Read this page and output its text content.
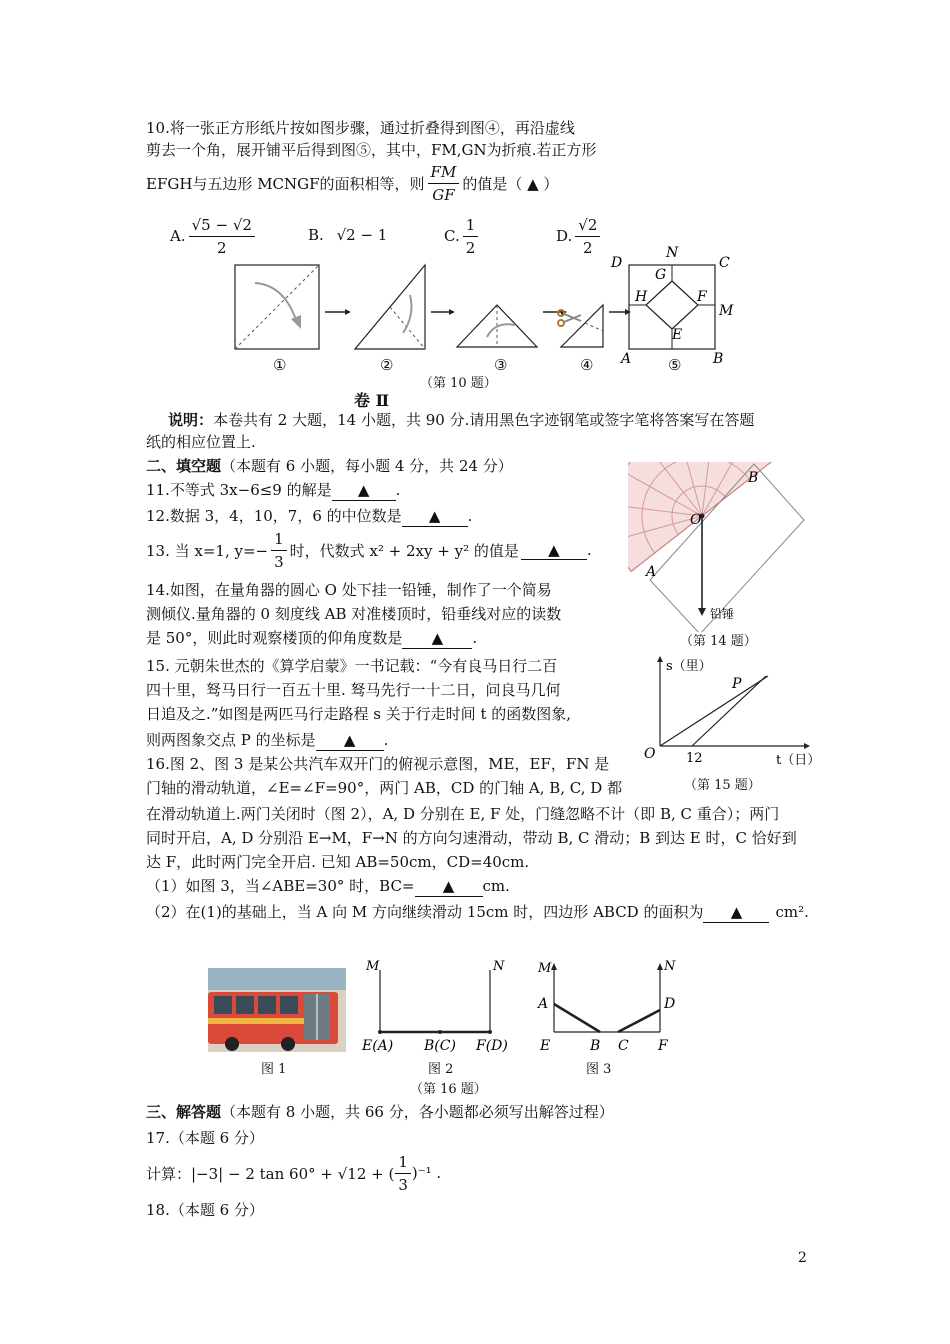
10.将一张正方形纸片按如图步骤，通过折叠得到图④，再沿虚线
剪去一个角，展开铺平后得到图⑤，其中，FM,GN为折痕.若正方形
EFGH与五边形 MCNGF的面积相等，则 $\frac{FM}{GF}$ 的值是（ ▲ ）
A. $\frac{√5 - √2}{2}$	B. √2 − 1	C. $\frac{1}{2}$	D. $\frac{√2}{2}$
D
N
C
G
H	F
M
E
A	B
①	②	③	④	⑤
（第 10 题）
卷 Ⅱ
说明：本卷共有 2 大题，14 小题，共 90 分.请用黑色字迹钢笔或签字笔将答案写在答题
纸的相应位置上.
二、填空题（本题有 6 小题，每小题 4 分，共 24 分）
11.不等式 3x−6≤9 的解是 ▲ .
12.数据 3，4，10，7，6 的中位数是 ▲ .
13. 当 x=1, $y=- \frac{1}{3}$ 时，代数式 x² + 2xy + y² 的值是	▲	.
14.如图，在量角器的圆心 O 处下挂一铅锤，制作了一个简易
测倾仪.量角器的 0 刻度线 AB 对准楼顶时，铅垂线对应的读数
是 50°，则此时观察楼顶的仰角度数是 ▲ .
B
O
A
铅锤
（第 14 题）
15. 元朝朱世杰的《算学启蒙》一书记载：“今有良马日行二百
四十里，驽马日行一百五十里. 驽马先行一十二日，问良马几何
日追及之.”如图是两匹马行走路程 s 关于行走时间 t 的函数图象,
则两图象交点 P 的坐标是 ▲ .
s（里）
O
P
12	t（日）
（第 15 题）
16.图 2、图 3 是某公共汽车双开门的俯视示意图，ME，EF，FN 是
门轴的滑动轨道，∠E=∠F=90°，两门 AB，CD 的门轴 A, B, C, D 都
在滑动轨道上.两门关闭时（图 2），A, D 分别在 E, F 处，门缝忽略不计（即 B, C 重合）；两门
同时开启，A, D 分别沿 E→M，F→N 的方向匀速滑动，带动 B, C 滑动；B 到达 E 时，C 恰好到
达 F，此时两门完全开启. 已知 AB=50cm，CD=40cm.
（1）如图 3，当∠ABE=30° 时，BC= ▲ cm.
（2）在(1)的基础上，当 A 向 M 方向继续滑动 15cm 时，四边形 ABCD 的面积为 ▲ cm².
图 1
M	N
E(A) B(C) F(D)
图 2
M	N
A	D
E	B C F
图 3
（第 16 题）
三、解答题（本题有 8 小题，共 66 分，各小题都必须写出解答过程）
17.（本题 6 分）
计算：|−3| − 2 tan 60° + √12 + ( $\frac{1}{3} )^{-1}$ .
18.（本题 6 分）
2
